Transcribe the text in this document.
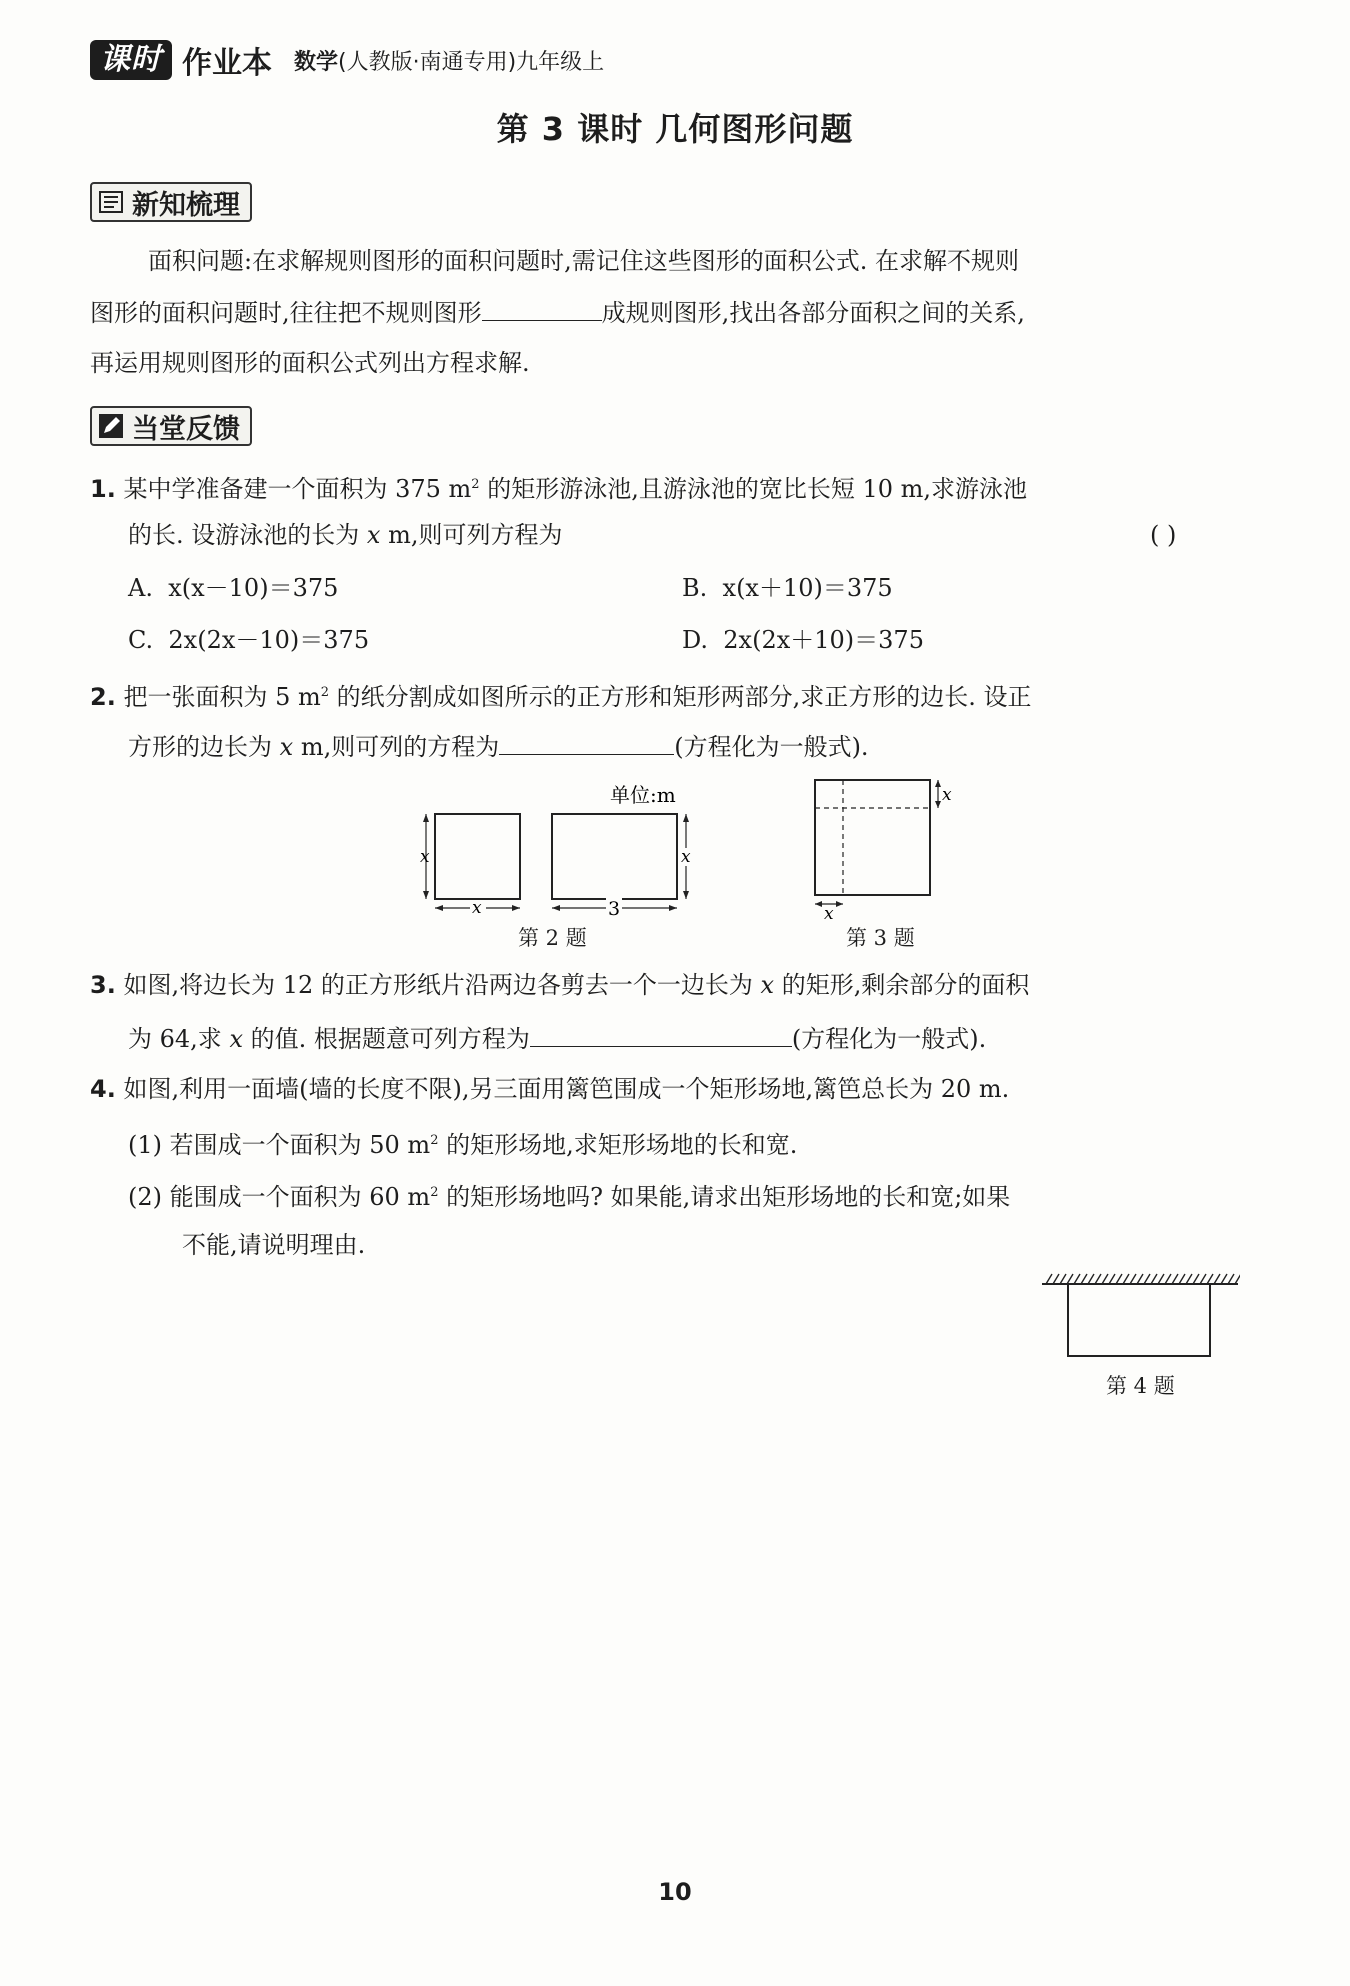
课时 作业本 数学(人教版·南通专用)九年级上
第 3 课时 几何图形问题
新知梳理
面积问题:在求解规则图形的面积问题时,需记住这些图形的面积公式. 在求解不规则
图形的面积问题时,往往把不规则图形	成规则图形,找出各部分面积之间的关系,
再运用规则图形的面积公式列出方程求解.
当堂反馈
1. 某中学准备建一个面积为 375 $m^2$ 的矩形游泳池,且游泳池的宽比长短 10 m,求游泳池
的长. 设游泳池的长为 x m,则可列方程为	( )
A. x(x－10)＝375	B. x(x＋10)＝375
C. 2x(2x－10)＝375	D. 2x(2x＋10)＝375
2. 把一张面积为 5 $m^2$ 的纸分割成如图所示的正方形和矩形两部分,求正方形的边长. 设正
方形的边长为 x m,则可列的方程为	(方程化为一般式).
单位:m
x
x
x
3
第 2 题
x
x
第 3 题
3. 如图,将边长为 12 的正方形纸片沿两边各剪去一个一边长为 x 的矩形,剩余部分的面积
为 64,求 x 的值. 根据题意可列方程为	(方程化为一般式).
4. 如图,利用一面墙(墙的长度不限),另三面用篱笆围成一个矩形场地,篱笆总长为 20 m.
(1) 若围成一个面积为 50 $m^2$ 的矩形场地,求矩形场地的长和宽.
(2) 能围成一个面积为 60 $m^2$ 的矩形场地吗? 如果能,请求出矩形场地的长和宽;如果
不能,请说明理由.
第 4 题
10
